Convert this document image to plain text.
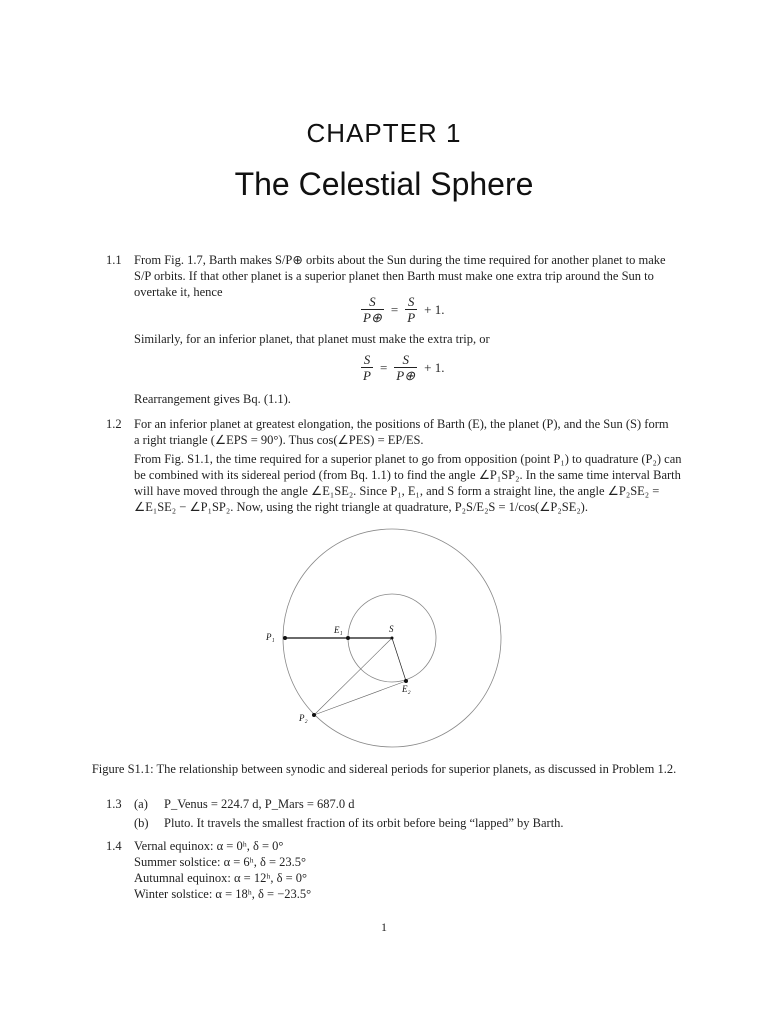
CHAPTER 1
The Celestial Sphere
1.1 From Fig. 1.7, Barth makes S/P⊕ orbits about the Sun during the time required for another planet to make
S/P orbits. If that other planet is a superior planet then Barth must make one extra trip around the Sun to
overtake it, hence
$\frac{S}{P\oplus} = \frac{S}{P} + 1$.
Similarly, for an inferior planet, that planet must make the extra trip, or
$\frac{S}{P} = \frac{S}{P\oplus} + 1$.
Rearrangement gives Bq. (1.1).
1.2 For an inferior planet at greatest elongation, the positions of Barth (E), the planet (P), and the Sun (S) form
a right triangle (∠EPS = 90°). Thus cos(∠PES) = EP/ES.
From Fig. S1.1, the time required for a superior planet to go from opposition (point P₁) to quadrature (P₂) can
be combined with its sidereal period (from Bq. 1.1) to find the angle ∠P₁SP₂. In the same time interval Barth
will have moved through the angle ∠E₁SE₂. Since P₁, E₁, and S form a straight line, the angle ∠P₂SE₂ =
∠E₁SE₂ − ∠P₁SP₂. Now, using the right triangle at quadrature, P₂S/E₂S = 1/cos(∠P₂SE₂).
P₁
E₁	S
E₂
P₂
Figure S1.1: The relationship between synodic and sidereal periods for superior planets, as discussed in Problem 1.2.
1.3 (a) P_Venus = 224.7 d, P_Mars = 687.0 d
(b) Pluto. It travels the smallest fraction of its orbit before being “lapped” by Barth.
1.4 Vernal equinox: α = 0ʰ, δ = 0°
Summer solstice: α = 6ʰ, δ = 23.5°
Autumnal equinox: α = 12ʰ, δ = 0°
Winter solstice: α = 18ʰ, δ = −23.5°
1
